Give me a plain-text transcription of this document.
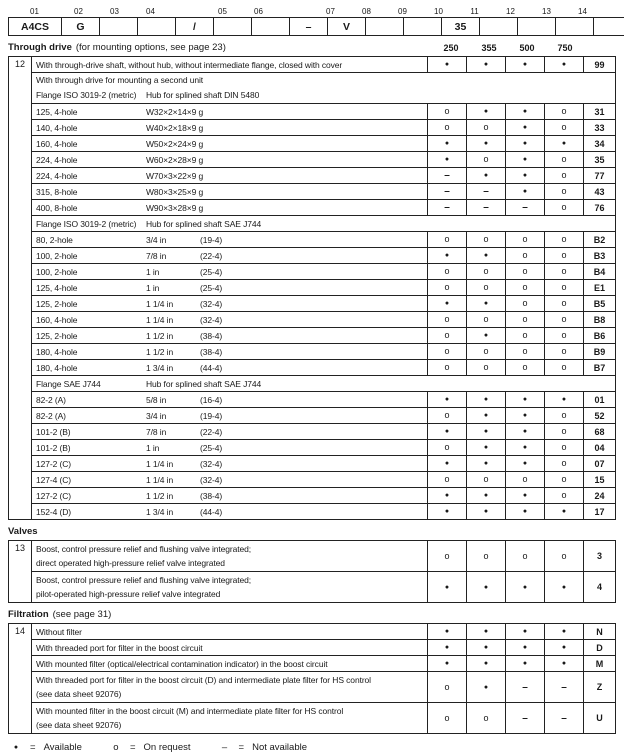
01	02	03	04	05	06	07	08	09	10	11	12	13	14
A4CS	G	/	–	V	35
Through drive (for mounting options, see page 23)	250	355	500	750
12	With through-drive shaft, without hub, without intermediate flange, closed with cover	●	●	●	●	99
With through drive for mounting a second unit
Flange ISO 3019-2 (metric)	Hub for splined shaft DIN 5480
125, 4-hole	W32×2×14×9 g	o	●	●	o	31
140, 4-hole	W40×2×18×9 g	o	o	●	o	33
160, 4-hole	W50×2×24×9 g	●	●	●	●	34
224, 4-hole	W60×2×28×9 g	●	o	●	o	35
224, 4-hole	W70×3×22×9 g	–	●	●	o	77
315, 8-hole	W80×3×25×9 g	–	–	●	o	43
400, 8-hole	W90×3×28×9 g	–	–	–	o	76
Flange ISO 3019-2 (metric)	Hub for splined shaft SAE J744
80, 2-hole	3/4 in	(19-4)	o	o	o	o	B2
100, 2-hole	7/8 in	(22-4)	●	●	o	o	B3
100, 2-hole	1 in	(25-4)	o	o	o	o	B4
125, 4-hole	1 in	(25-4)	o	o	o	o	E1
125, 2-hole	1 1/4 in	(32-4)	●	●	o	o	B5
160, 4-hole	1 1/4 in	(32-4)	o	o	o	o	B8
125, 2-hole	1 1/2 in	(38-4)	o	●	o	o	B6
180, 4-hole	1 1/2 in	(38-4)	o	o	o	o	B9
180, 4-hole	1 3/4 in	(44-4)	o	o	o	o	B7
Flange SAE J744	Hub for splined shaft SAE J744
82-2 (A)	5/8 in	(16-4)	●	●	●	●	01
82-2 (A)	3/4 in	(19-4)	o	●	●	o	52
101-2 (B)	7/8 in	(22-4)	●	●	●	o	68
101-2 (B)	1 in	(25-4)	o	●	●	o	04
127-2 (C)	1 1/4 in	(32-4)	●	●	●	o	07
127-4 (C)	1 1/4 in	(32-4)	o	o	o	o	15
127-2 (C)	1 1/2 in	(38-4)	●	●	●	o	24
152-4 (D)	1 3/4 in	(44-4)	●	●	●	●	17
Valves
13	Boost, control pressure relief and flushing valve integrated;
direct operated high-pressure relief valve integrated
o	o	o	o	3
Boost, control pressure relief and flushing valve integrated;
pilot-operated high-pressure relief valve integrated
●	●	●	●	4
Filtration (see page 31)
14	Without filter	●	●	●	●	N
With threaded port for filter in the boost circuit	●	●	●	●	D
With mounted filter (optical/electrical contamination indicator) in the boost circuit	●	●	●	●	M
With threaded port for filter in the boost circuit (D) and intermediate plate filter for HS control
(see data sheet 92076)
o	●	–	–	Z
With mounted filter in the boost circuit (M) and intermediate plate filter for HS control
(see data sheet 92076)
o	o	–	–	U
●	= Available	o	= On request	–	= Not available
